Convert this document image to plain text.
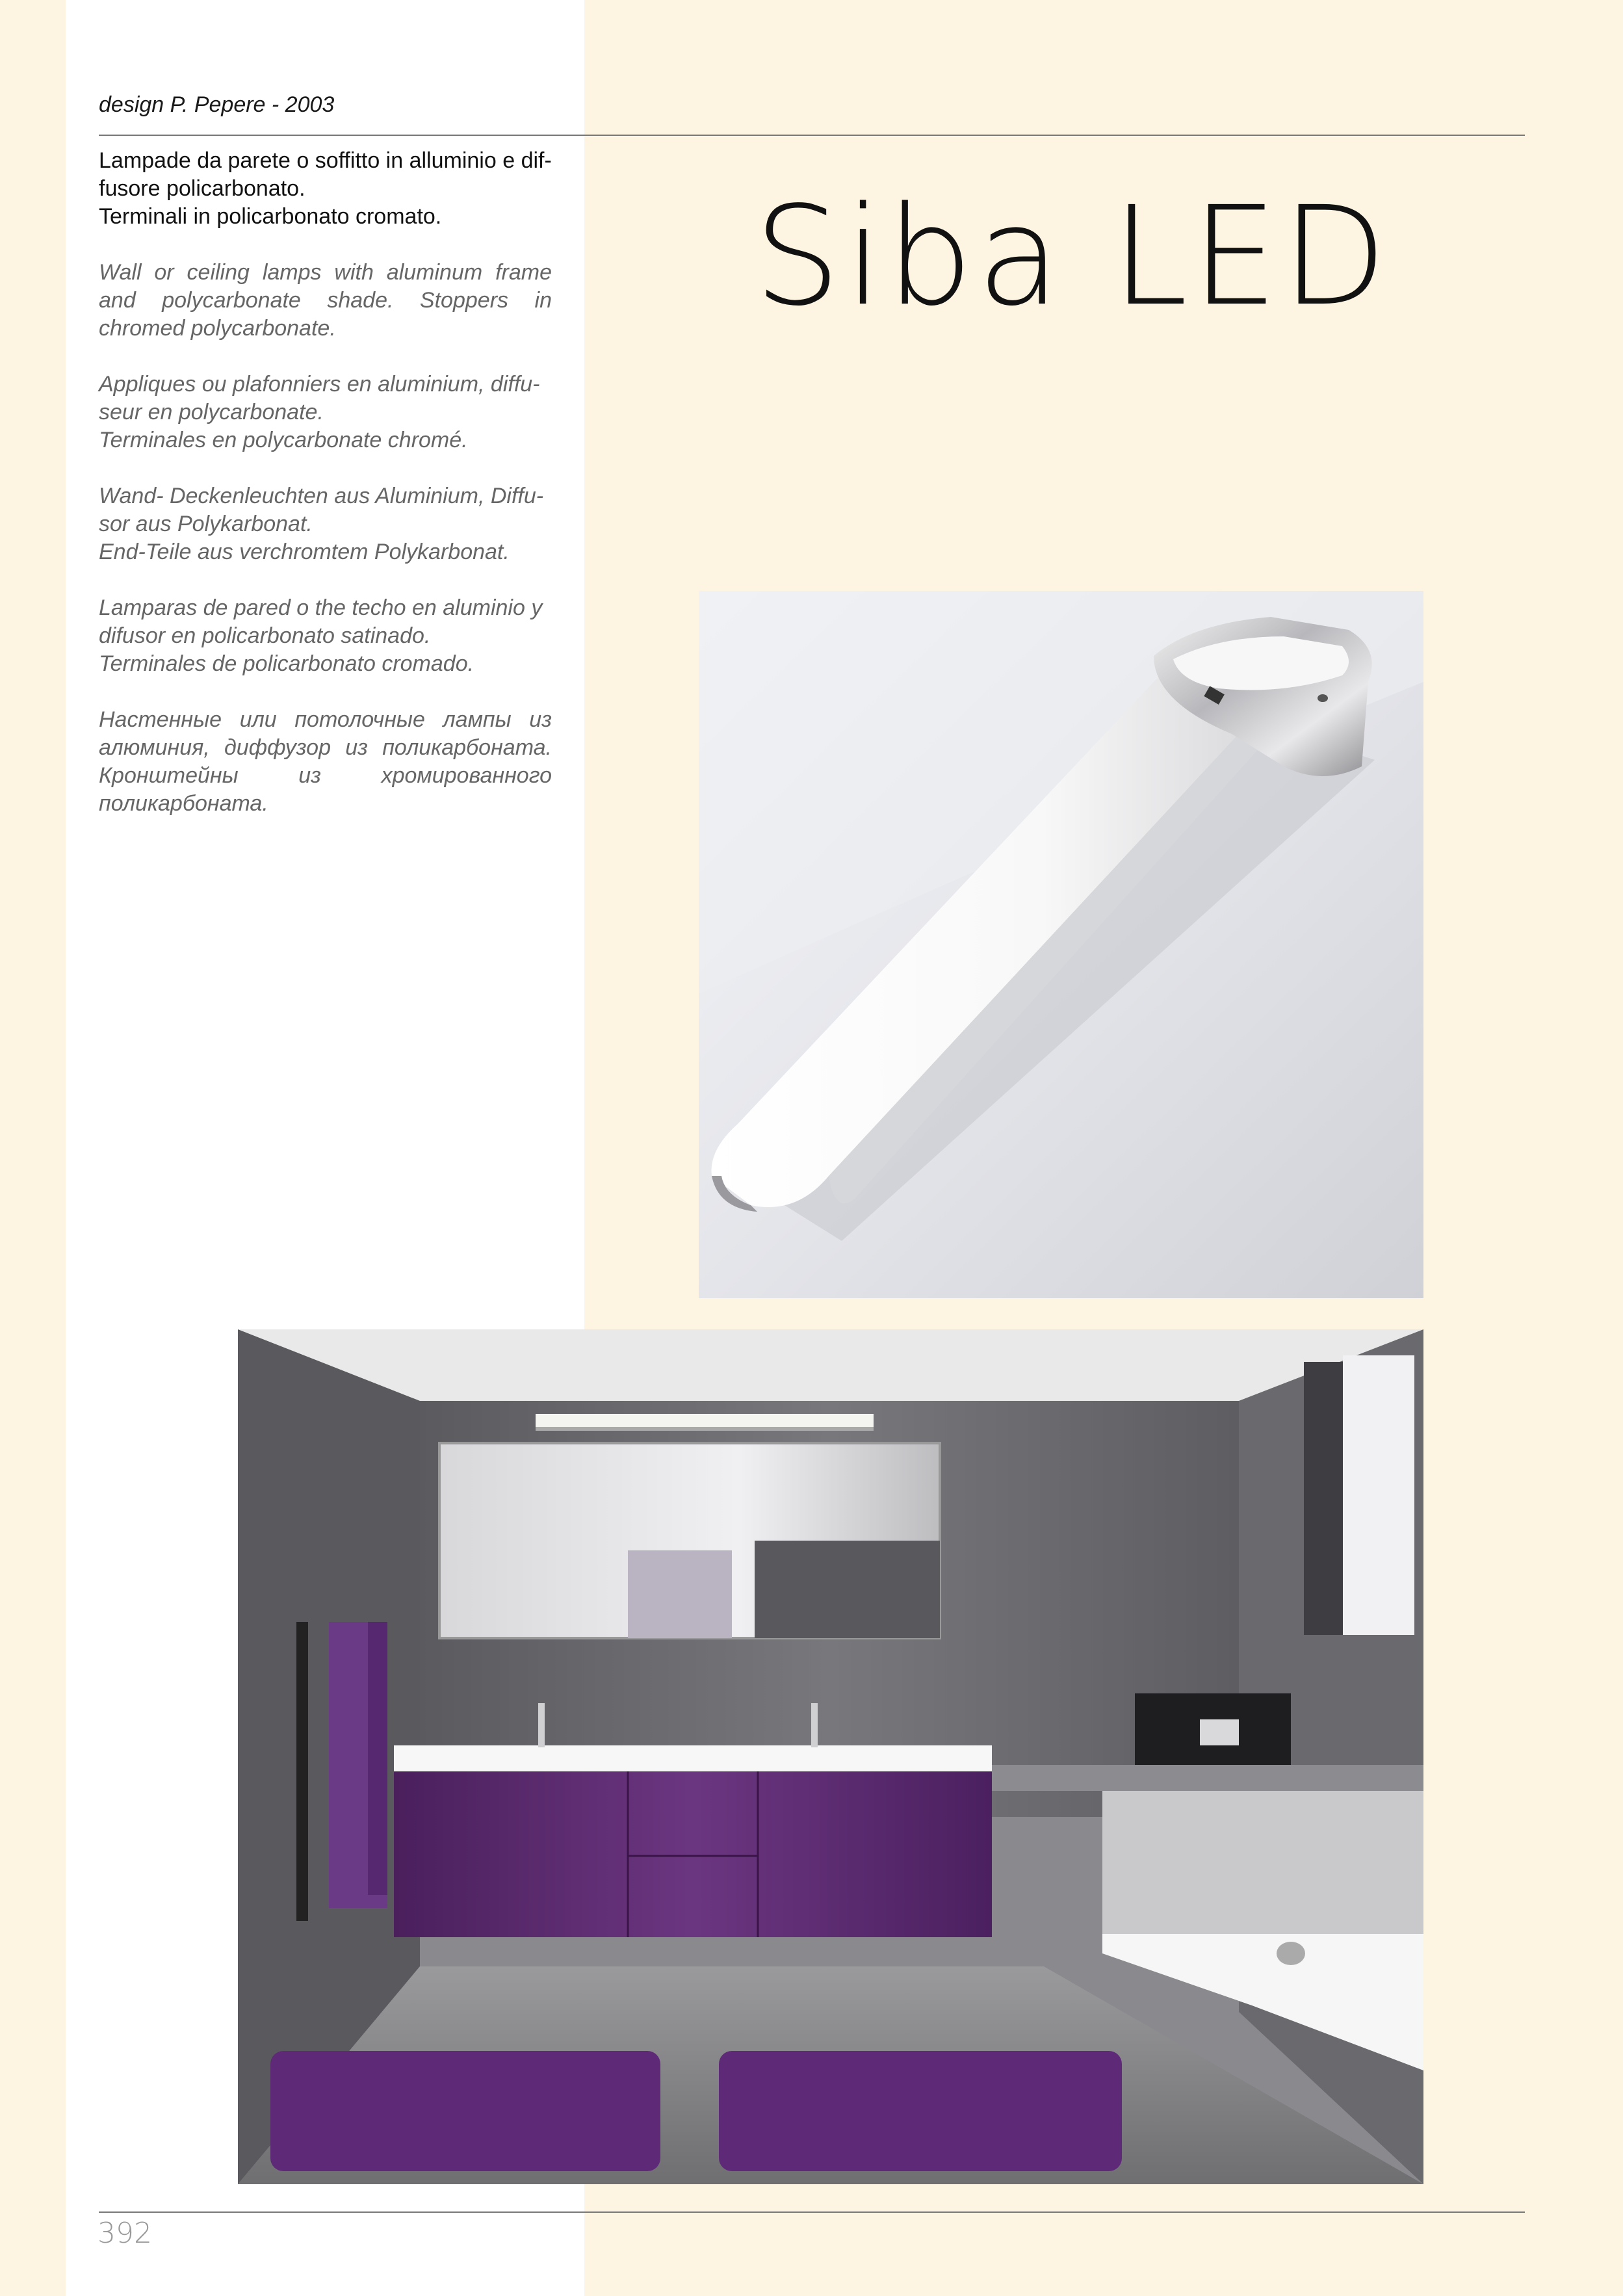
design P. Pepere - 2003

Lampade da parete o soffitto in alluminio e dif-
fusore policarbonato.
Terminali in policarbonato cromato.

Wall or ceiling lamps with aluminum frame and polycarbonate shade. Stoppers in chromed polycarbonate.

Appliques ou plafonniers en aluminium, diffu-
seur en polycarbonate.
Terminales en polycarbonate chromé.

Wand- Deckenleuchten aus Aluminium, Diffu-
sor aus Polykarbonat.
End-Teile aus verchromtem Polykarbonat.

Lamparas de pared o the techo en aluminio y
difusor en policarbonato satinado.
Terminales de policarbonato cromado.

Настенные или потолочные лампы из алюминия, диффузор из поликарбоната. Кронштейны из хромированного поликарбоната.

Siba LED
392
